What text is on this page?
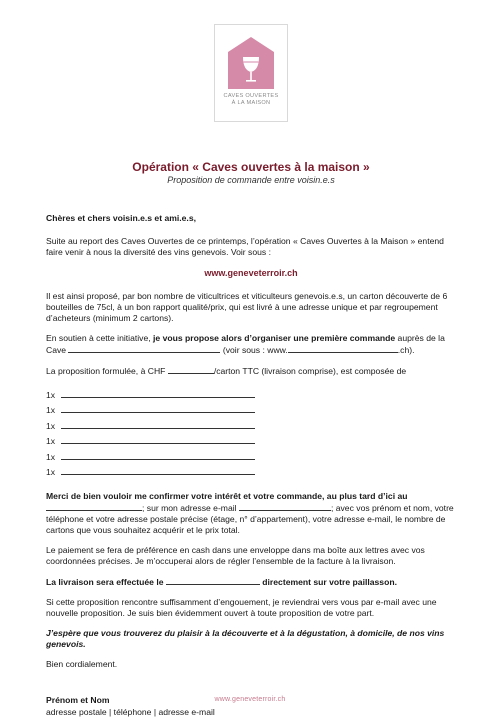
CAVES OUVERTES
À LA MAISON
Opération « Caves ouvertes à la maison »
Proposition de commande entre voisin.e.s

Chères et chers voisin.e.s et ami.e.s,

Suite au report des Caves Ouvertes de ce printemps, l’opération « Caves Ouvertes à la Maison » entend faire venir à nous la diversité des vins genevois. Voir sous :

www.geneveterroir.ch

Il est ainsi proposé, par bon nombre de viticultrices et viticulteurs genevois.e.s, un carton découverte de 6 bouteilles de 75cl, à un bon rapport qualité/prix, qui est livré à une adresse unique et par regroupement d’acheteurs (minimum 2 cartons).

En soutien à cette initiative, je vous propose alors d’organiser une première commande auprès de la Cave	(voir sous : www.	.ch).

La proposition formulée, à CHF	/carton TTC (livraison comprise), est composée de

1x
1x
1x
1x
1x
1x

Merci de bien vouloir me confirmer votre intérêt et votre commande, au plus tard d’ici au ; sur mon adresse e-mail	; avec vos prénom et nom, votre téléphone et votre adresse postale précise (étage, n° d’appartement), votre adresse e-mail, le nombre de cartons que vous souhaitez acquérir et le prix total.

Le paiement se fera de préférence en cash dans une enveloppe dans ma boîte aux lettres avec vos coordonnées précises. Je m’occuperai alors de régler l’ensemble de la facture à la livraison.

La livraison sera effectuée le	directement sur votre paillasson.

Si cette proposition rencontre suffisamment d’engouement, je reviendrai vers vous par e-mail avec une nouvelle proposition. Je suis bien évidemment ouvert à toute proposition de votre part.

J’espère que vous trouverez du plaisir à la découverte et à la dégustation, à domicile, de nos vins genevois.

Bien cordialement.

Prénom et Nom

adresse postale | téléphone | adresse e-mail

www.geneveterroir.ch
